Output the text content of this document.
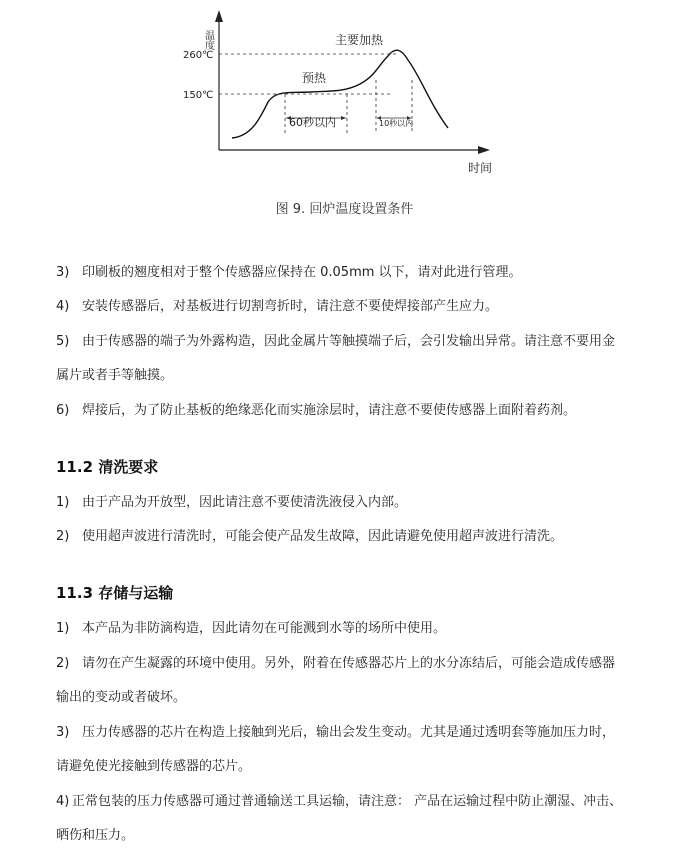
温度
260℃
150℃
主要加热
预热
60秒以内	10秒以内
时间
图 9. 回炉温度设置条件
3) 印刷板的翘度相对于整个传感器应保持在 0.05mm 以下，请对此进行管理。
4) 安装传感器后，对基板进行切割弯折时，请注意不要使焊接部产生应力。
5) 由于传感器的端子为外露构造，因此金属片等触摸端子后，会引发输出异常。请注意不要用金
属片或者手等触摸。
6) 焊接后，为了防止基板的绝缘恶化而实施涂层时，请注意不要使传感器上面附着药剂。
11.2 清洗要求
1) 由于产品为开放型，因此请注意不要使清洗液侵入内部。
2) 使用超声波进行清洗时，可能会使产品发生故障，因此请避免使用超声波进行清洗。
11.3 存储与运输
1) 本产品为非防滴构造，因此请勿在可能溅到水等的场所中使用。
2) 请勿在产生凝露的环境中使用。另外，附着在传感器芯片上的水分冻结后，可能会造成传感器
输出的变动或者破坏。
3) 压力传感器的芯片在构造上接触到光后，输出会发生变动。尤其是通过透明套等施加压力时，
请避免使光接触到传感器的芯片。
4) 正常包装的压力传感器可通过普通输送工具运输，请注意： 产品在运输过程中防止潮湿、冲击、
晒伤和压力。
